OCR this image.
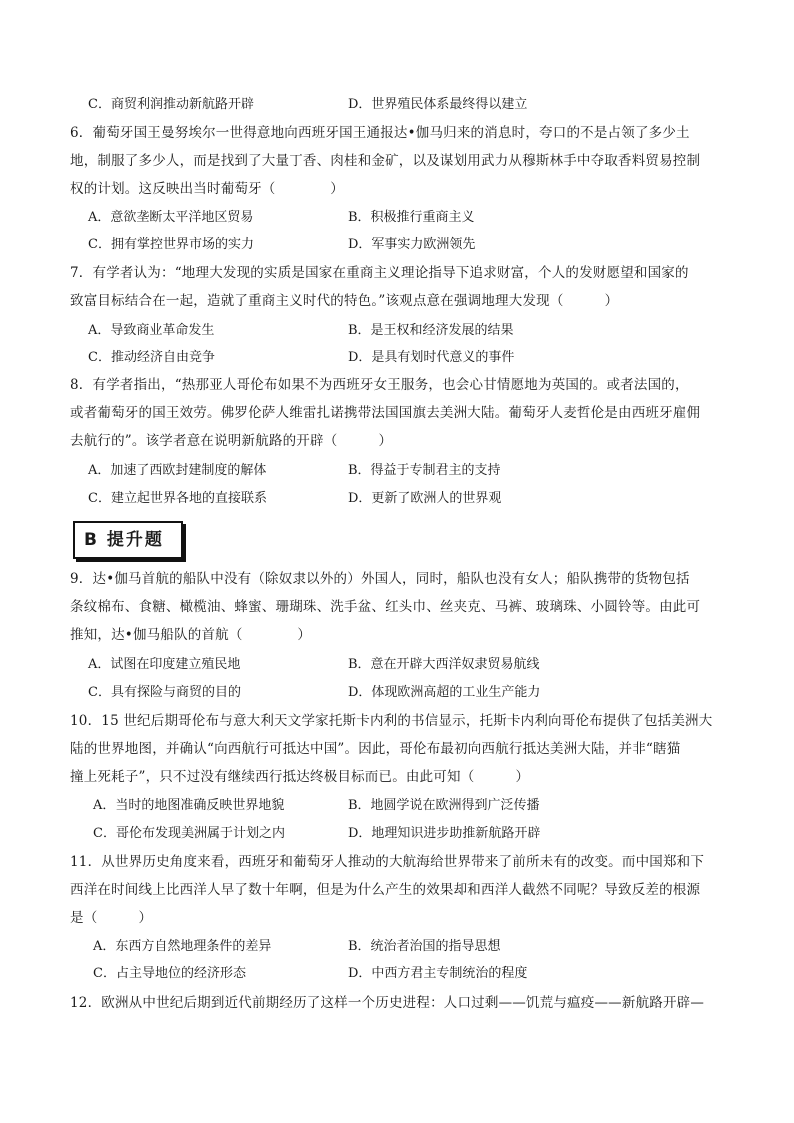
C．商贸利润推动新航路开辟	D．世界殖民体系最终得以建立
6．葡萄牙国王曼努埃尔一世得意地向西班牙国王通报达•伽马归来的消息时，夸口的不是占领了多少土
地，制服了多少人，而是找到了大量丁香、肉桂和金矿，以及谋划用武力从穆斯林手中夺取香料贸易控制
权的计划。这反映出当时葡萄牙（　　　　）
A．意欲垄断太平洋地区贸易	B．积极推行重商主义
C．拥有掌控世界市场的实力	D．军事实力欧洲领先
7．有学者认为：“地理大发现的实质是国家在重商主义理论指导下追求财富，个人的发财愿望和国家的
致富目标结合在一起，造就了重商主义时代的特色。”该观点意在强调地理大发现（　　　）
A．导致商业革命发生	B．是王权和经济发展的结果
C．推动经济自由竞争	D．是具有划时代意义的事件
8．有学者指出，“热那亚人哥伦布如果不为西班牙女王服务，也会心甘情愿地为英国的。或者法国的，
或者葡萄牙的国王效劳。佛罗伦萨人维雷扎诺携带法国国旗去美洲大陆。葡萄牙人麦哲伦是由西班牙雇佣
去航行的”。该学者意在说明新航路的开辟（　　　）
A．加速了西欧封建制度的解体	B．得益于专制君主的支持
C．建立起世界各地的直接联系	D．更新了欧洲人的世界观
B 提升题
9．达•伽马首航的船队中没有（除奴隶以外的）外国人，同时，船队也没有女人；船队携带的货物包括
条纹棉布、食糖、橄榄油、蜂蜜、珊瑚珠、洗手盆、红头巾、丝夹克、马裤、玻璃珠、小圆铃等。由此可
推知，达•伽马船队的首航（　　　　）
A．试图在印度建立殖民地	B．意在开辟大西洋奴隶贸易航线
C．具有探险与商贸的目的	D．体现欧洲高超的工业生产能力
10．15 世纪后期哥伦布与意大利天文学家托斯卡内利的书信显示，托斯卡内利向哥伦布提供了包括美洲大
陆的世界地图，并确认“向西航行可抵达中国”。因此，哥伦布最初向西航行抵达美洲大陆，并非“瞎猫
撞上死耗子”，只不过没有继续西行抵达终极目标而已。由此可知（　　　）
A．当时的地图准确反映世界地貌	B．地圆学说在欧洲得到广泛传播
C．哥伦布发现美洲属于计划之内	D．地理知识进步助推新航路开辟
11．从世界历史角度来看，西班牙和葡萄牙人推动的大航海给世界带来了前所未有的改变。而中国郑和下
西洋在时间线上比西洋人早了数十年啊，但是为什么产生的效果却和西洋人截然不同呢？导致反差的根源
是（　　　）
A．东西方自然地理条件的差异	B．统治者治国的指导思想
C．占主导地位的经济形态	D．中西方君主专制统治的程度
12．欧洲从中世纪后期到近代前期经历了这样一个历史进程：人口过剩——饥荒与瘟疫——新航路开辟—
